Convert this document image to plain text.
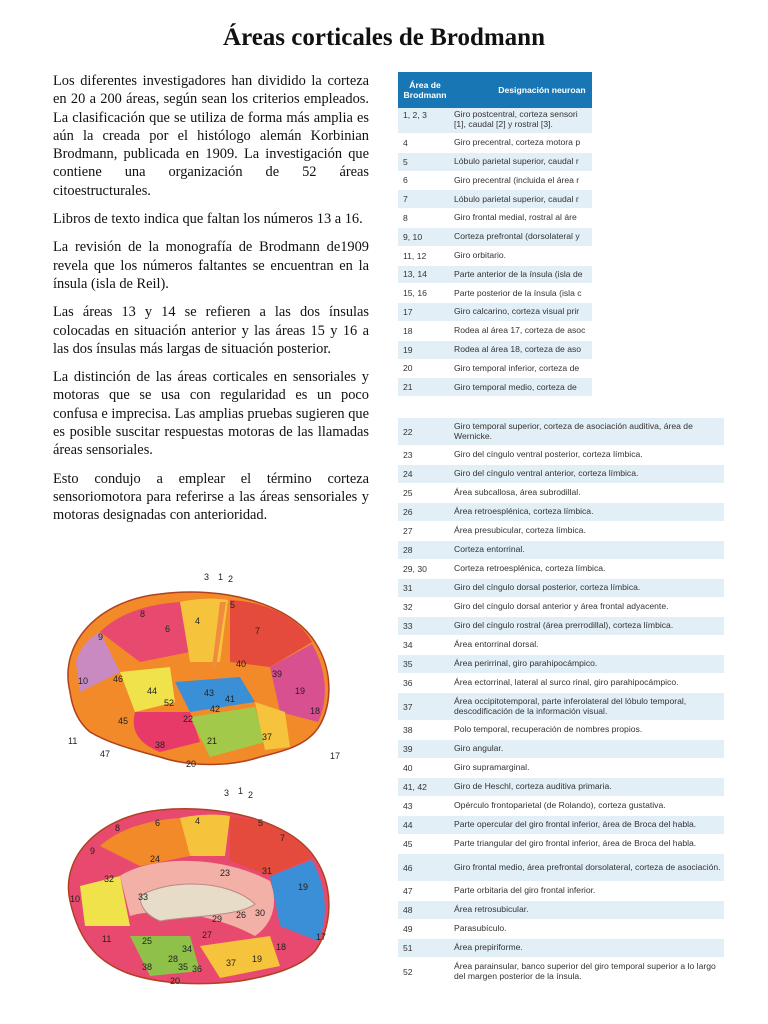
Áreas corticales de Brodmann

Los diferentes investigadores han dividido la corteza en 20 a 200 áreas, según sean los criterios empleados. La clasificación que se utiliza de forma más amplia es aún la creada por el histólogo alemán Korbinian Brodmann, publicada en 1909. La investigación que contiene una organización de 52 áreas citoestructurales.

Libros de texto indica que faltan los números 13 a 16.

La revisión de la monografía de Brodmann de1909 revela que los números faltantes se encuentran en la ínsula (isla de Reil).

Las áreas 13 y 14 se refieren a las dos ínsulas colocadas en situación anterior y las áreas 15 y 16 a las dos ínsulas más largas de situación posterior.

La distinción de las áreas corticales en sensoriales y motoras que se usa con regularidad es un poco confusa e imprecisa. Las amplias pruebas sugieren que es posible suscitar respuestas motoras de las llamadas áreas sensoriales.

Esto condujo a emplear el término corteza sensoriomotora para referirse a las áreas sensoriales y motoras designadas con anterioridad.

3 1 2
5
4
6	7
8
9
40
39
19
18
10	46
44	43
41
42
52
22
45
11
47
38	21
20
37
17
3 1 2
5
4
6
8
7
9
24
31
23
33
32
10
19
29 26 30
25
27
11
34
28
35 36
38
20
37 19
18
17
Área de Brodmann	Designación neuroan
1, 2, 3	Giro postcentral, corteza sensori
[1], caudal [2] y rostral [3].
4	Giro precentral, corteza motora p
5	Lóbulo parietal superior, caudal r
6	Giro precentral (incluida el área r
7	Lóbulo parietal superior, caudal r
8	Giro frontal medial, rostral al áre
9, 10	Corteza prefrontal (dorsolateral y
11, 12	Giro orbitario.
13, 14	Parte anterior de la ínsula (isla de
15, 16	Parte posterior de la ínsula (isla c
17	Giro calcarino, corteza visual prir
18	Rodea al área 17, corteza de asoc
19	Rodea al área 18, corteza de aso
20	Giro temporal inferior, corteza de
21	Giro temporal medio, corteza de
22
Giro temporal superior, corteza de asociación auditiva, área de Wernicke.
23	Giro del cíngulo ventral posterior, corteza límbica.
24	Giro del cíngulo ventral anterior, corteza límbica.
25	Área subcallosa, área subrodillal.
26	Área retroesplénica, corteza límbica.
27	Área presubicular, corteza límbica.
28	Corteza entorrinal.
29, 30	Corteza retroesplénica, corteza límbica.
31	Giro del cíngulo dorsal posterior, corteza límbica.
32	Giro del cíngulo dorsal anterior y área frontal adyacente.
33	Giro del cíngulo rostral (área prerrodillal), corteza límbica.
34	Área entorrinal dorsal.
35	Área perirrinal, giro parahipocámpico.
36	Área ectorrinal, lateral al surco rinal, giro parahipocámpico.
37
Área occipitotemporal, parte inferolateral del lóbulo temporal, descodificación de la información visual.
38	Polo temporal, recuperación de nombres propios.
39	Giro angular.
40	Giro supramarginal.
41, 42	Giro de Heschl, corteza auditiva primaria.
43	Opérculo frontoparietal (de Rolando), corteza gustativa.
44	Parte opercular del giro frontal inferior, área de Broca del habla.
45	Parte triangular del giro frontal inferior, área de Broca del habla.
46	Giro frontal medio, área prefrontal dorsolateral, corteza de asociación.
47	Parte orbitaria del giro frontal inferior.
48	Área retrosubicular.
49	Parasubículo.
51	Área prepiriforme.
52
Área parainsular, banco superior del giro temporal superior a lo largo del margen posterior de la ínsula.
